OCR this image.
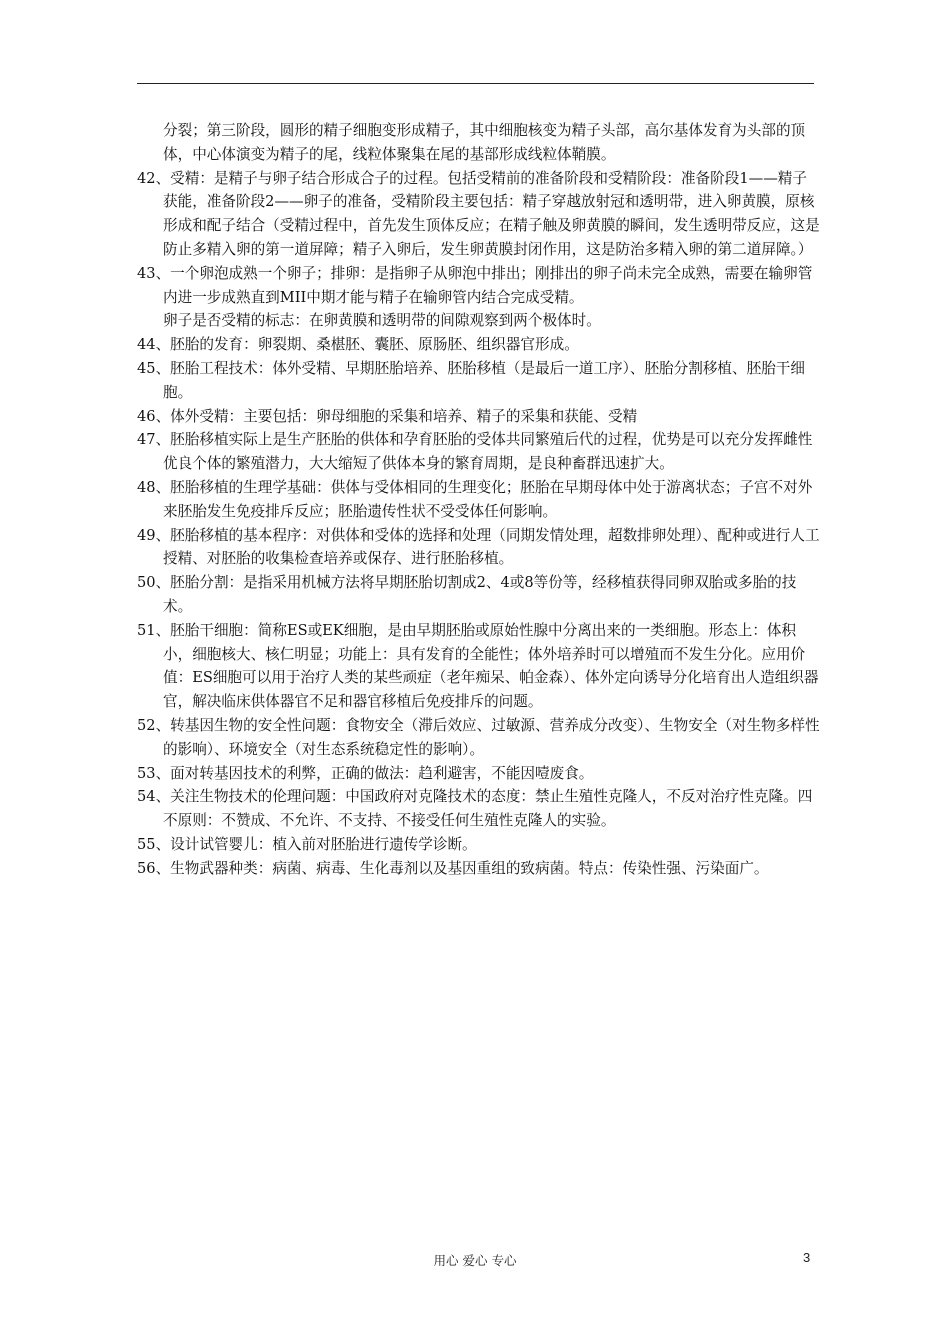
分裂；第三阶段，圆形的精子细胞变形成精子，其中细胞核变为精子头部，高尔基体发育为头部的顶体，中心体演变为精子的尾，线粒体聚集在尾的基部形成线粒体鞘膜。

42、受精：是精子与卵子结合形成合子的过程。包括受精前的准备阶段和受精阶段：准备阶段1——精子获能，准备阶段2——卵子的准备，受精阶段主要包括：精子穿越放射冠和透明带，进入卵黄膜，原核形成和配子结合（受精过程中，首先发生顶体反应；在精子触及卵黄膜的瞬间，发生透明带反应，这是防止多精入卵的第一道屏障；精子入卵后，发生卵黄膜封闭作用，这是防治多精入卵的第二道屏障。）

43、一个卵泡成熟一个卵子；排卵：是指卵子从卵泡中排出；刚排出的卵子尚未完全成熟，需要在输卵管内进一步成熟直到MII中期才能与精子在输卵管内结合完成受精。

卵子是否受精的标志：在卵黄膜和透明带的间隙观察到两个极体时。

44、胚胎的发育：卵裂期、桑椹胚、囊胚、原肠胚、组织器官形成。

45、胚胎工程技术：体外受精、早期胚胎培养、胚胎移植（是最后一道工序）、胚胎分割移植、胚胎干细胞。

46、体外受精：主要包括：卵母细胞的采集和培养、精子的采集和获能、受精

47、胚胎移植实际上是生产胚胎的供体和孕育胚胎的受体共同繁殖后代的过程，优势是可以充分发挥雌性优良个体的繁殖潜力，大大缩短了供体本身的繁育周期，是良种畜群迅速扩大。

48、胚胎移植的生理学基础：供体与受体相同的生理变化；胚胎在早期母体中处于游离状态；子宫不对外来胚胎发生免疫排斥反应；胚胎遗传性状不受受体任何影响。

49、胚胎移植的基本程序：对供体和受体的选择和处理（同期发情处理，超数排卵处理）、配种或进行人工授精、对胚胎的收集检查培养或保存、进行胚胎移植。

50、胚胎分割：是指采用机械方法将早期胚胎切割成2、4或8等份等，经移植获得同卵双胎或多胎的技术。

51、胚胎干细胞：简称ES或EK细胞，是由早期胚胎或原始性腺中分离出来的一类细胞。形态上：体积小，细胞核大、核仁明显；功能上：具有发育的全能性；体外培养时可以增殖而不发生分化。应用价值：ES细胞可以用于治疗人类的某些顽症（老年痴呆、帕金森）、体外定向诱导分化培育出人造组织器官，解决临床供体器官不足和器官移植后免疫排斥的问题。

52、转基因生物的安全性问题：食物安全（滞后效应、过敏源、营养成分改变）、生物安全（对生物多样性的影响）、环境安全（对生态系统稳定性的影响）。

53、面对转基因技术的利弊，正确的做法：趋利避害，不能因噎废食。

54、关注生物技术的伦理问题：中国政府对克隆技术的态度：禁止生殖性克隆人，不反对治疗性克隆。四不原则：不赞成、不允许、不支持、不接受任何生殖性克隆人的实验。

55、设计试管婴儿：植入前对胚胎进行遗传学诊断。

56、生物武器种类：病菌、病毒、生化毒剂以及基因重组的致病菌。特点：传染性强、污染面广。

用心 爱心 专心	3
